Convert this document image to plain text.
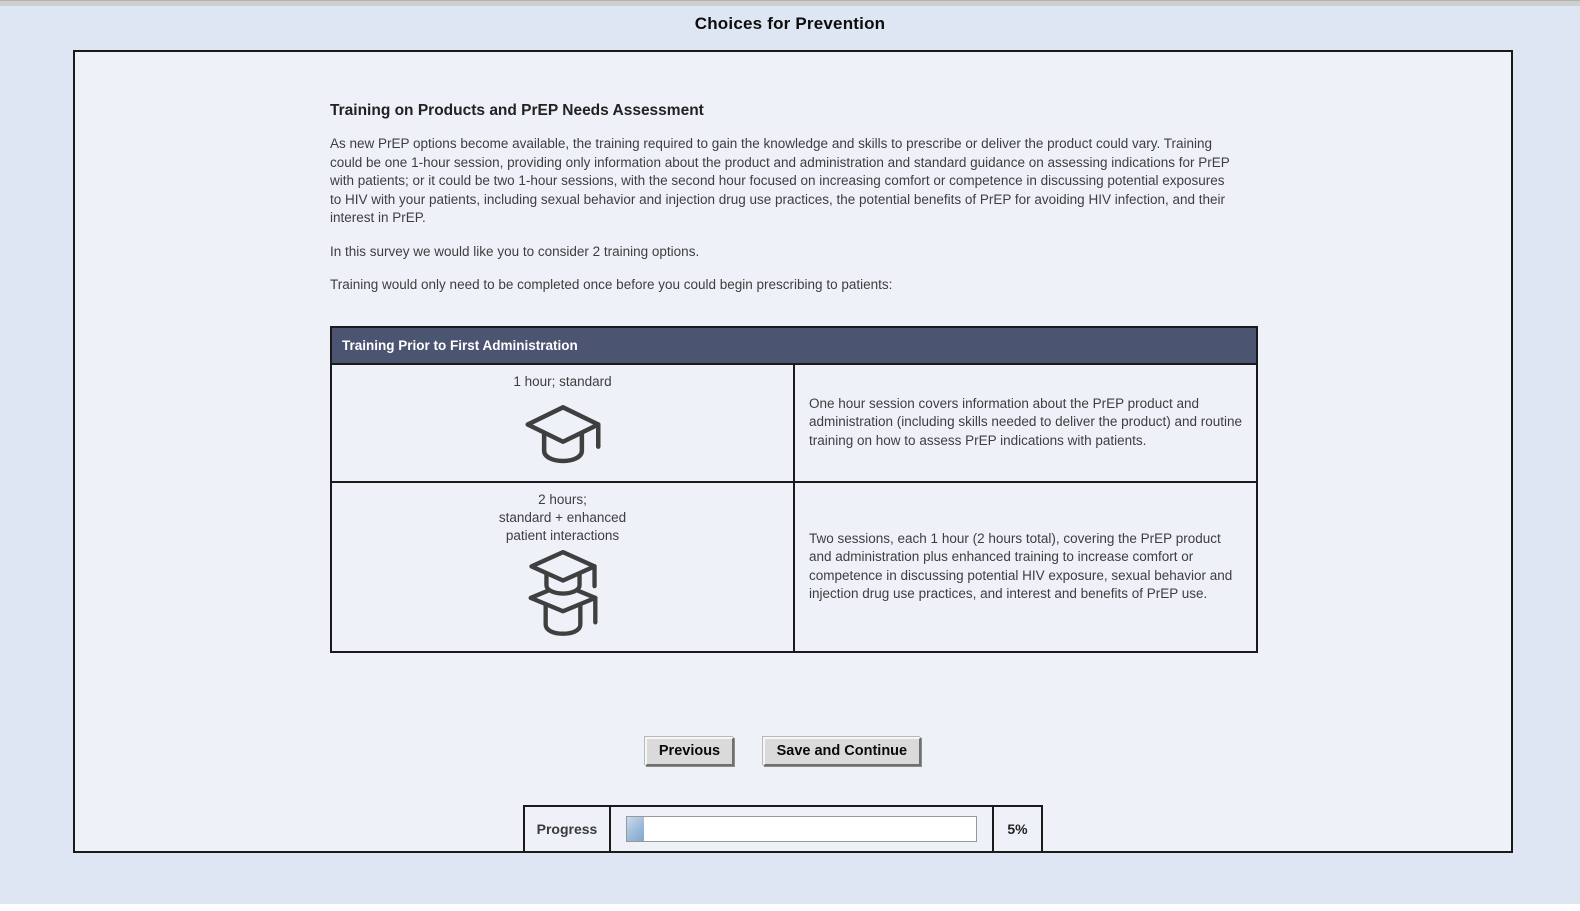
Choices for Prevention
Training on Products and PrEP Needs Assessment

As new PrEP options become available, the training required to gain the knowledge and skills to prescribe or deliver the product could vary. Training could be one 1-hour session, providing only information about the product and administration and standard guidance on assessing indications for PrEP with patients; or it could be two 1-hour sessions, with the second hour focused on increasing comfort or competence in discussing potential exposures to HIV with your patients, including sexual behavior and injection drug use practices, the potential benefits of PrEP for avoiding HIV infection, and their interest in PrEP.

In this survey we would like you to consider 2 training options.

Training would only need to be completed once before you could begin prescribing to patients:

Training Prior to First Administration	

1 hour; standard	One hour session covers information about the PrEP product and administration (including skills needed to deliver the product) and routine training on how to assess PrEP indications with patients.

2 hours;
standard + enhanced
patient interactions	Two sessions, each 1 hour (2 hours total), covering the PrEP product and administration plus enhanced training to increase comfort or competence in discussing potential HIV exposure, sexual behavior and injection drug use practices, and interest and benefits of PrEP use.
Previous	Save and Continue
Progress	5%
